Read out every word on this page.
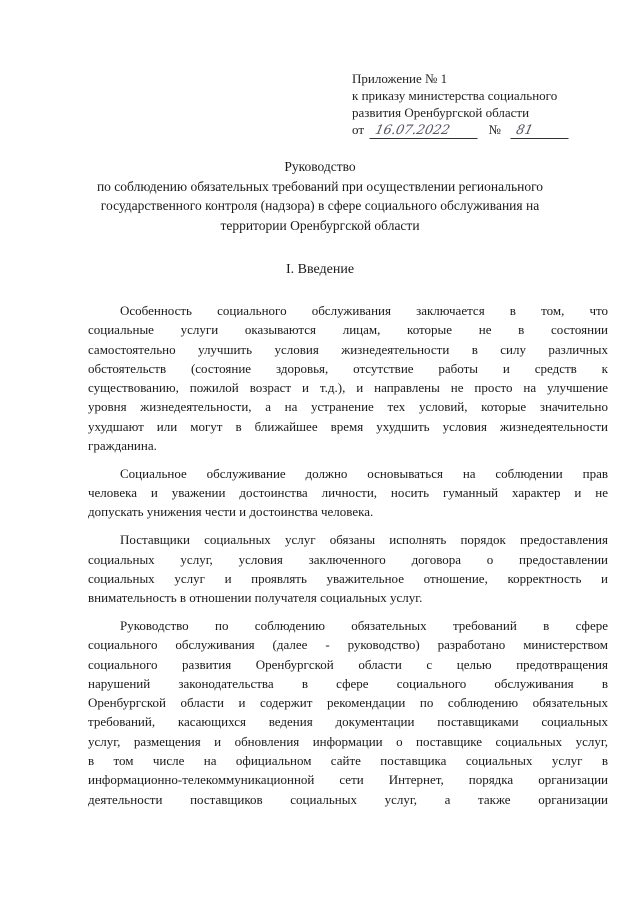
Приложение № 1
к приказу министерства социального
развития Оренбургской области
от 16.07.2022	№ 81
Руководство
по соблюдению обязательных требований при осуществлении регионального
государственного контроля (надзора) в сфере социального обслуживания на
территории Оренбургской области
I. Введение
Особенность социального обслуживания заключается в том, что
социальные услуги оказываются лицам, которые не в состоянии
самостоятельно улучшить условия жизнедеятельности в силу различных
обстоятельств (состояние здоровья, отсутствие работы и средств к
существованию, пожилой возраст и т.д.), и направлены не просто на улучшение
уровня жизнедеятельности, а на устранение тех условий, которые значительно
ухудшают или могут в ближайшее время ухудшить условия жизнедеятельности
гражданина.
Социальное обслуживание должно основываться на соблюдении прав
человека и уважении достоинства личности, носить гуманный характер и не
допускать унижения чести и достоинства человека.
Поставщики социальных услуг обязаны исполнять порядок предоставления
социальных услуг, условия заключенного договора о предоставлении
социальных услуг и проявлять уважительное отношение, корректность и
внимательность в отношении получателя социальных услуг.
Руководство по соблюдению обязательных требований в сфере
социального обслуживания (далее - руководство) разработано министерством
социального развития Оренбургской области с целью предотвращения
нарушений законодательства в сфере социального обслуживания в
Оренбургской области и содержит рекомендации по соблюдению обязательных
требований, касающихся ведения документации поставщиками социальных
услуг, размещения и обновления информации о поставщике социальных услуг,
в том числе на официальном сайте поставщика социальных услуг в
информационно-телекоммуникационной сети Интернет, порядка организации
деятельности поставщиков социальных услуг, а также организации
